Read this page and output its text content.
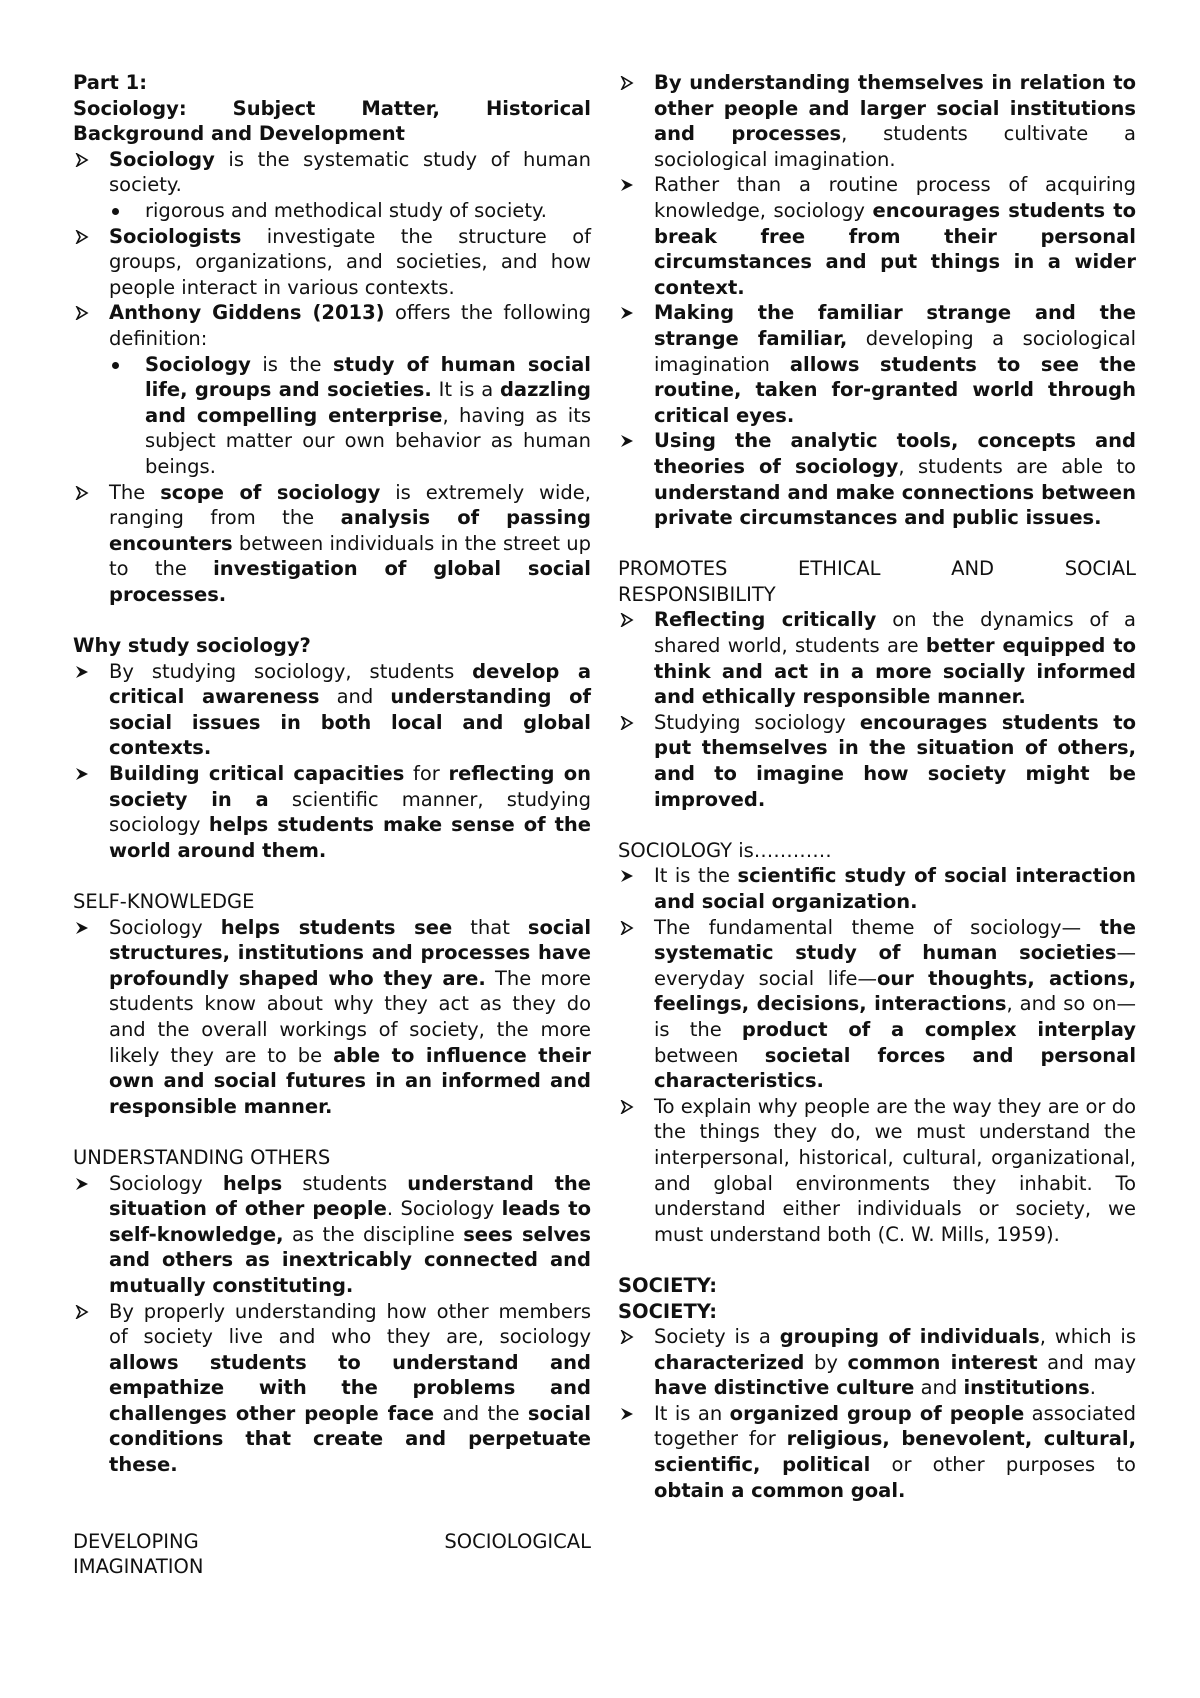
Part 1:

Sociology: Subject Matter, Historical

Background and Development

Sociology is the systematic study of human society.

rigorous and methodical study of society.

Sociologists investigate the structure of groups, organizations, and societies, and how people interact in various contexts.

Anthony Giddens (2013) offers the following definition:

Sociology is the study of human social life, groups and societies. It is a dazzling and compelling enterprise, having as its subject matter our own behavior as human beings.

The scope of sociology is extremely wide, ranging from the analysis of passing encounters between individuals in the street up to the investigation of global social processes.

Why study sociology?

By studying sociology, students develop a critical awareness and understanding of social issues in both local and global contexts.

Building critical capacities for reflecting on society in a scientific manner, studying sociology helps students make sense of the world around them.

SELF-KNOWLEDGE

Sociology helps students see that social structures, institutions and processes have profoundly shaped who they are. The more students know about why they act as they do and the overall workings of society, the more likely they are to be able to influence their own and social futures in an informed and responsible manner.

UNDERSTANDING OTHERS

Sociology helps students understand the situation of other people. Sociology leads to self-knowledge, as the discipline sees selves and others as inextricably connected and mutually constituting.

By properly understanding how other members of society live and who they are, sociology allows students to understand and empathize with the problems and challenges other people face and the social conditions that create and perpetuate these.

DEVELOPING	SOCIOLOGICAL

IMAGINATION

By understanding themselves in relation to other people and larger social institutions and processes, students cultivate a sociological imagination.

Rather than a routine process of acquiring knowledge, sociology encourages students to break free from their personal circumstances and put things in a wider context.

Making the familiar strange and the strange familiar, developing a sociological imagination allows students to see the routine, taken for-granted world through critical eyes.

Using the analytic tools, concepts and theories of sociology, students are able to understand and make connections between private circumstances and public issues.

PROMOTES ETHICAL AND SOCIAL

RESPONSIBILITY

Reflecting critically on the dynamics of a shared world, students are better equipped to think and act in a more socially informed and ethically responsible manner.

Studying sociology encourages students to put themselves in the situation of others, and to imagine how society might be improved.

SOCIOLOGY is…………

It is the scientific study of social interaction and social organization.

The fundamental theme of sociology— the systematic study of human societies—everyday social life—our thoughts, actions, feelings, decisions, interactions, and so on—is the product of a complex interplay between societal forces and personal characteristics.

To explain why people are the way they are or do the things they do, we must understand the interpersonal, historical, cultural, organizational, and global environments they inhabit. To understand either individuals or society, we must understand both (C. W. Mills, 1959).

SOCIETY:

SOCIETY:

Society is a grouping of individuals, which is characterized by common interest and may have distinctive culture and institutions.

It is an organized group of people associated together for religious, benevolent, cultural, scientific, political or other purposes to obtain a common goal.
